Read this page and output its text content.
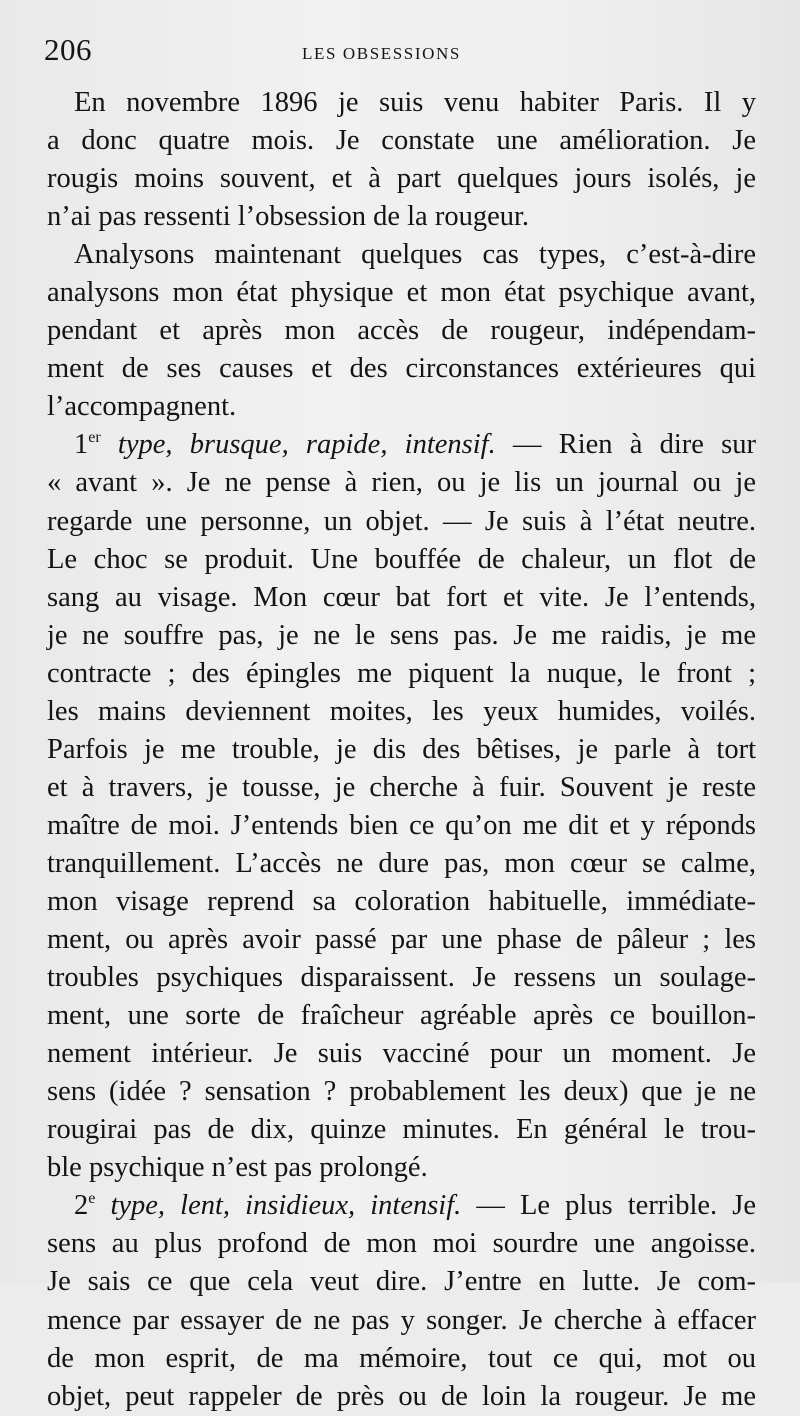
206	LES OBSESSIONS
En novembre 1896 je suis venu habiter Paris. Il y
a donc quatre mois. Je constate une amélioration. Je
rougis moins souvent, et à part quelques jours isolés, je
n’ai pas ressenti l’obsession de la rougeur.
Analysons maintenant quelques cas types, c’est-à-dire
analysons mon état physique et mon état psychique avant,
pendant et après mon accès de rougeur, indépendam-
ment de ses causes et des circonstances extérieures qui
l’accompagnent.
1er type, brusque, rapide, intensif. — Rien à dire sur
« avant ». Je ne pense à rien, ou je lis un journal ou je
regarde une personne, un objet. — Je suis à l’état neutre.
Le choc se produit. Une bouffée de chaleur, un flot de
sang au visage. Mon cœur bat fort et vite. Je l’entends,
je ne souffre pas, je ne le sens pas. Je me raidis, je me
contracte ; des épingles me piquent la nuque, le front ;
les mains deviennent moites, les yeux humides, voilés.
Parfois je me trouble, je dis des bêtises, je parle à tort
et à travers, je tousse, je cherche à fuir. Souvent je reste
maître de moi. J’entends bien ce qu’on me dit et y réponds
tranquillement. L’accès ne dure pas, mon cœur se calme,
mon visage reprend sa coloration habituelle, immédiate-
ment, ou après avoir passé par une phase de pâleur ; les
troubles psychiques disparaissent. Je ressens un soulage-
ment, une sorte de fraîcheur agréable après ce bouillon-
nement intérieur. Je suis vacciné pour un moment. Je
sens (idée ? sensation ? probablement les deux) que je ne
rougirai pas de dix, quinze minutes. En général le trou-
ble psychique n’est pas prolongé.
2e type, lent, insidieux, intensif. — Le plus terrible. Je
sens au plus profond de mon moi sourdre une angoisse.
Je sais ce que cela veut dire. J’entre en lutte. Je com-
mence par essayer de ne pas y songer. Je cherche à effacer
de mon esprit, de ma mémoire, tout ce qui, mot ou
objet, peut rappeler de près ou de loin la rougeur. Je me
